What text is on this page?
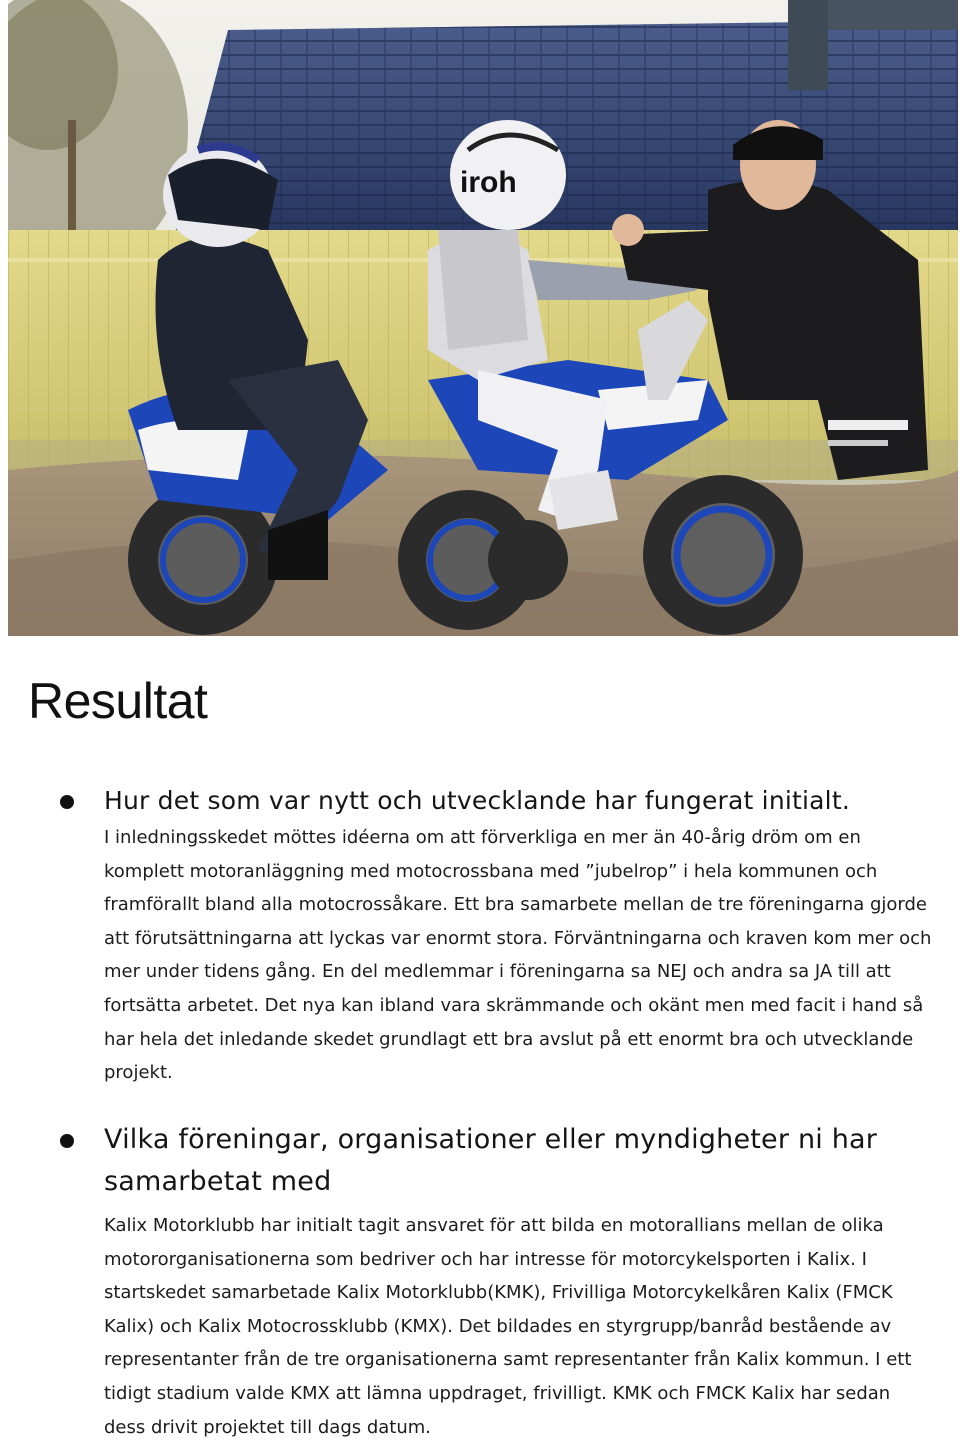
iroh
Resultat
Hur det som var nytt och utvecklande har fungerat initialt.

I inledningsskedet möttes idéerna om att förverkliga en mer än 40-årig dröm om en komplett motoranläggning med motocrossbana med ”jubelrop” i hela kommunen och framförallt bland alla motocrossåkare. Ett bra samarbete mellan de tre föreningarna gjorde att förutsättningarna att lyckas var enormt stora. Förväntningarna och kraven kom mer och mer under tidens gång. En del medlemmar i föreningarna sa NEJ och andra sa JA till att fortsätta arbetet. Det nya kan ibland vara skrämmande och okänt men med facit i hand så har hela det inledande skedet grundlagt ett bra avslut på ett enormt bra och utvecklande projekt.

Vilka föreningar, organisationer eller myndigheter ni har samarbetat med

Kalix Motorklubb har initialt tagit ansvaret för att bilda en motorallians mellan de olika motororganisationerna som bedriver och har intresse för motorcykelsporten i Kalix. I startskedet samarbetade Kalix Motorklubb(KMK), Frivilliga Motorcykelkåren Kalix (FMCK Kalix) och Kalix Motocrossklubb (KMX). Det bildades en styrgrupp/banråd bestående av representanter från de tre organisationerna samt representanter från Kalix kommun. I ett tidigt stadium valde KMX att lämna uppdraget, frivilligt. KMK och FMCK Kalix har sedan dess drivit projektet till dags datum.
